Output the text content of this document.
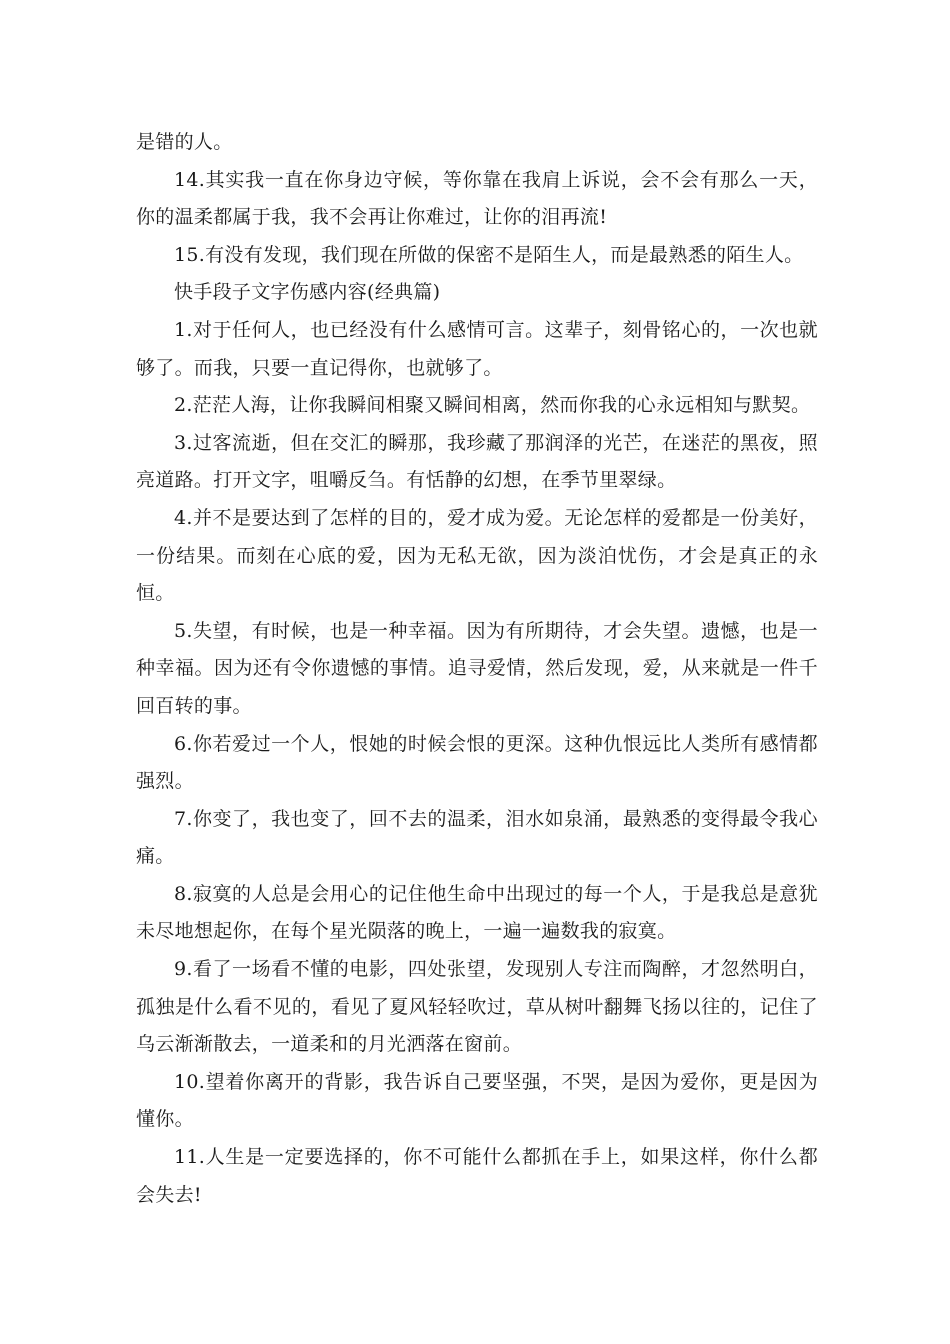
是错的人。

14.其实我一直在你身边守候，等你靠在我肩上诉说，会不会有那么一天，你的温柔都属于我，我不会再让你难过，让你的泪再流!

15.有没有发现，我们现在所做的保密不是陌生人，而是最熟悉的陌生人。

快手段子文字伤感内容(经典篇)

1.对于任何人，也已经没有什么感情可言。这辈子，刻骨铭心的，一次也就够了。而我，只要一直记得你，也就够了。

2.茫茫人海，让你我瞬间相聚又瞬间相离，然而你我的心永远相知与默契。

3.过客流逝，但在交汇的瞬那，我珍藏了那润泽的光芒，在迷茫的黑夜，照亮道路。打开文字，咀嚼反刍。有恬静的幻想，在季节里翠绿。

4.并不是要达到了怎样的目的，爱才成为爱。无论怎样的爱都是一份美好，一份结果。而刻在心底的爱，因为无私无欲，因为淡泊忧伤，才会是真正的永恒。

5.失望，有时候，也是一种幸福。因为有所期待，才会失望。遗憾，也是一种幸福。因为还有令你遗憾的事情。追寻爱情，然后发现，爱，从来就是一件千回百转的事。

6.你若爱过一个人，恨她的时候会恨的更深。这种仇恨远比人类所有感情都强烈。

7.你变了，我也变了，回不去的温柔，泪水如泉涌，最熟悉的变得最令我心痛。

8.寂寞的人总是会用心的记住他生命中出现过的每一个人，于是我总是意犹未尽地想起你，在每个星光陨落的晚上，一遍一遍数我的寂寞。

9.看了一场看不懂的电影，四处张望，发现别人专注而陶醉，才忽然明白，孤独是什么看不见的，看见了夏风轻轻吹过，草从树叶翻舞飞扬以往的，记住了乌云渐渐散去，一道柔和的月光洒落在窗前。

10.望着你离开的背影，我告诉自己要坚强，不哭，是因为爱你，更是因为懂你。

11.人生是一定要选择的，你不可能什么都抓在手上，如果这样，你什么都会失去!
